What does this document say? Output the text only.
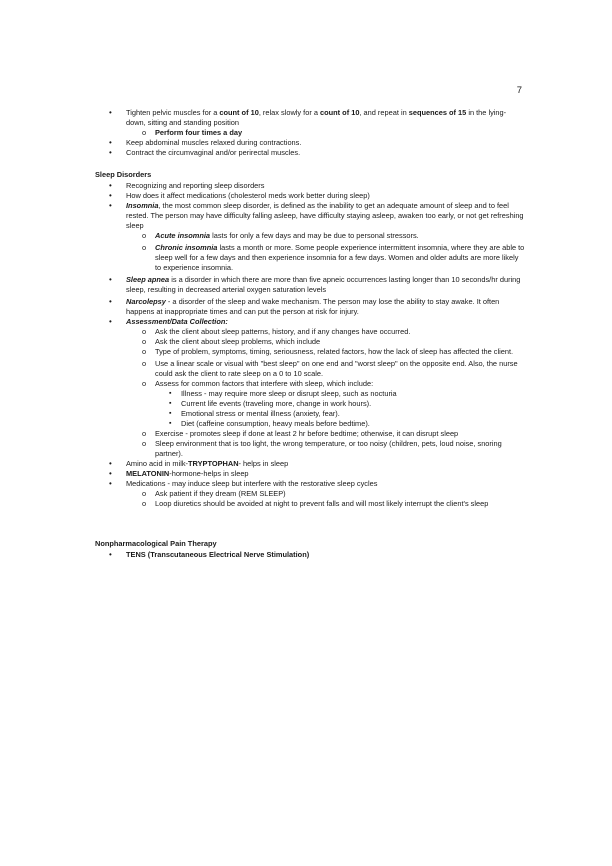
7
• Tighten pelvic muscles for a count of 10, relax slowly for a count of 10, and repeat in sequences of 15 in the lying-down, sitting and standing position
o Perform four times a day
• Keep abdominal muscles relaxed during contractions.
• Contract the circumvaginal and/or perirectal muscles.
Sleep Disorders
• Recognizing and reporting sleep disorders
• How does it affect medications (cholesterol meds work better during sleep)
• Insomnia, the most common sleep disorder, is defined as the inability to get an adequate amount of sleep and to feel rested. The person may have difficulty falling asleep, have difficulty staying asleep, awaken too early, or not get refreshing sleep
o Acute insomnia lasts for only a few days and may be due to personal stressors.
o Chronic insomnia lasts a month or more. Some people experience intermittent insomnia, where they are able to sleep well for a few days and then experience insomnia for a few days. Women and older adults are more likely to experience insomnia.
• Sleep apnea is a disorder in which there are more than five apneic occurrences lasting longer than 10 seconds/hr during sleep, resulting in decreased arterial oxygen saturation levels
• Narcolepsy - a disorder of the sleep and wake mechanism. The person may lose the ability to stay awake. It often happens at inappropriate times and can put the person at risk for injury.
• Assessment/Data Collection:
o Ask the client about sleep patterns, history, and if any changes have occurred.
o Ask the client about sleep problems, which include
o Type of problem, symptoms, timing, seriousness, related factors, how the lack of sleep has affected the client.
o Use a linear scale or visual with "best sleep" on one end and "worst sleep" on the opposite end. Also, the nurse could ask the client to rate sleep on a 0 to 10 scale.
o Assess for common factors that interfere with sleep, which include:
▪ Illness - may require more sleep or disrupt sleep, such as nocturia
▪ Current life events (traveling more, change in work hours).
▪ Emotional stress or mental illness (anxiety, fear).
▪ Diet (caffeine consumption, heavy meals before bedtime).
o Exercise - promotes sleep if done at least 2 hr before bedtime; otherwise, it can disrupt sleep
o Sleep environment that is too light, the wrong temperature, or too noisy (children, pets, loud noise, snoring partner).
• Amino acid in milk-TRYPTOPHAN- helps in sleep
• MELATONIN-hormone-helps in sleep
• Medications - may induce sleep but interfere with the restorative sleep cycles
o Ask patient if they dream (REM SLEEP)
o Loop diuretics should be avoided at night to prevent falls and will most likely interrupt the client's sleep
Nonpharmacological Pain Therapy
• TENS (Transcutaneous Electrical Nerve Stimulation)
